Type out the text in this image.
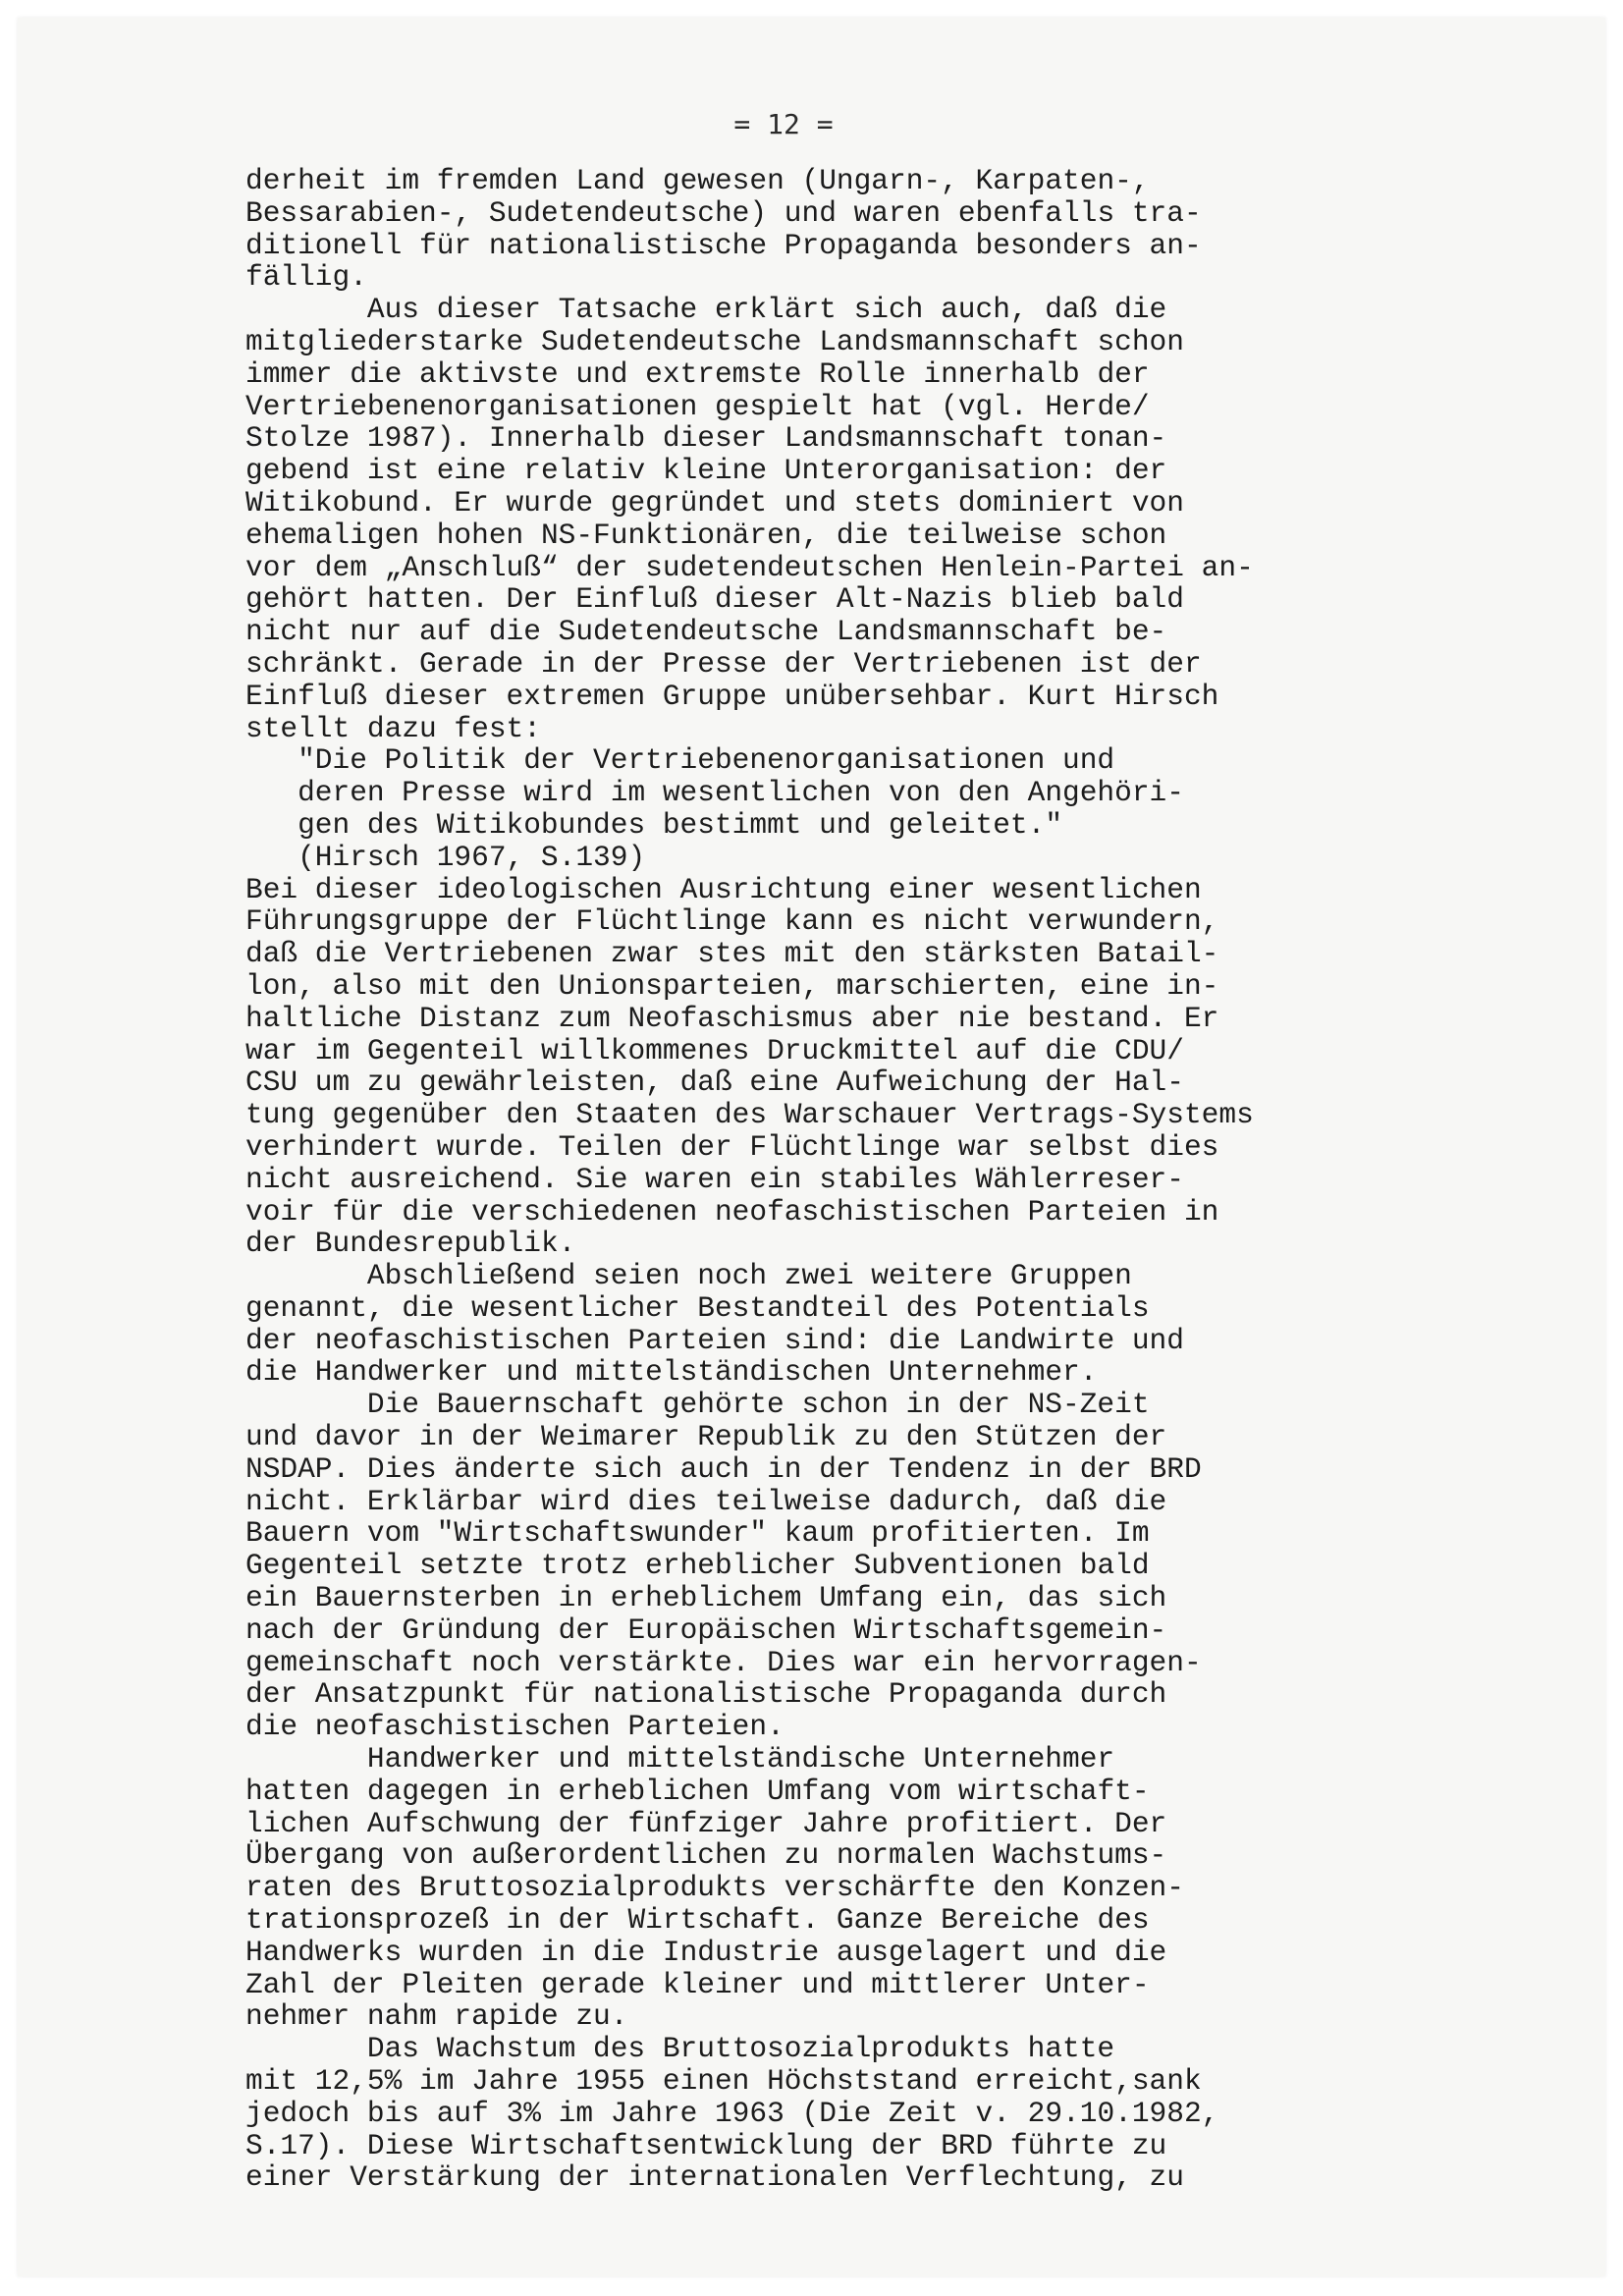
= 12 =
derheit im fremden Land gewesen (Ungarn-, Karpaten-,
Bessarabien-, Sudetendeutsche) und waren ebenfalls tra-
ditionell für nationalistische Propaganda besonders an-
fällig.
Aus dieser Tatsache erklärt sich auch, daß die
mitgliederstarke Sudetendeutsche Landsmannschaft schon
immer die aktivste und extremste Rolle innerhalb der
Vertriebenenorganisationen gespielt hat (vgl. Herde/
Stolze 1987). Innerhalb dieser Landsmannschaft tonan-
gebend ist eine relativ kleine Unterorganisation: der
Witikobund. Er wurde gegründet und stets dominiert von
ehemaligen hohen NS-Funktionären, die teilweise schon
vor dem „Anschluß“ der sudetendeutschen Henlein-Partei an-
gehört hatten. Der Einfluß dieser Alt-Nazis blieb bald
nicht nur auf die Sudetendeutsche Landsmannschaft be-
schränkt. Gerade in der Presse der Vertriebenen ist der
Einfluß dieser extremen Gruppe unübersehbar. Kurt Hirsch
stellt dazu fest:
"Die Politik der Vertriebenenorganisationen und
deren Presse wird im wesentlichen von den Angehöri-
gen des Witikobundes bestimmt und geleitet."
(Hirsch 1967, S.139)
Bei dieser ideologischen Ausrichtung einer wesentlichen
Führungsgruppe der Flüchtlinge kann es nicht verwundern,
daß die Vertriebenen zwar stes mit den stärksten Batail-
lon, also mit den Unionsparteien, marschierten, eine in-
haltliche Distanz zum Neofaschismus aber nie bestand. Er
war im Gegenteil willkommenes Druckmittel auf die CDU/
CSU um zu gewährleisten, daß eine Aufweichung der Hal-
tung gegenüber den Staaten des Warschauer Vertrags-Systems
verhindert wurde. Teilen der Flüchtlinge war selbst dies
nicht ausreichend. Sie waren ein stabiles Wählerreser-
voir für die verschiedenen neofaschistischen Parteien in
der Bundesrepublik.
Abschließend seien noch zwei weitere Gruppen
genannt, die wesentlicher Bestandteil des Potentials
der neofaschistischen Parteien sind: die Landwirte und
die Handwerker und mittelständischen Unternehmer.
Die Bauernschaft gehörte schon in der NS-Zeit
und davor in der Weimarer Republik zu den Stützen der
NSDAP. Dies änderte sich auch in der Tendenz in der BRD
nicht. Erklärbar wird dies teilweise dadurch, daß die
Bauern vom "Wirtschaftswunder" kaum profitierten. Im
Gegenteil setzte trotz erheblicher Subventionen bald
ein Bauernsterben in erheblichem Umfang ein, das sich
nach der Gründung der Europäischen Wirtschaftsgemein-
gemeinschaft noch verstärkte. Dies war ein hervorragen-
der Ansatzpunkt für nationalistische Propaganda durch
die neofaschistischen Parteien.
Handwerker und mittelständische Unternehmer
hatten dagegen in erheblichen Umfang vom wirtschaft-
lichen Aufschwung der fünfziger Jahre profitiert. Der
Übergang von außerordentlichen zu normalen Wachstums-
raten des Bruttosozialprodukts verschärfte den Konzen-
trationsprozeß in der Wirtschaft. Ganze Bereiche des
Handwerks wurden in die Industrie ausgelagert und die
Zahl der Pleiten gerade kleiner und mittlerer Unter-
nehmer nahm rapide zu.
Das Wachstum des Bruttosozialprodukts hatte
mit 12,5% im Jahre 1955 einen Höchststand erreicht,sank
jedoch bis auf 3% im Jahre 1963 (Die Zeit v. 29.10.1982,
S.17). Diese Wirtschaftsentwicklung der BRD führte zu
einer Verstärkung der internationalen Verflechtung, zu
